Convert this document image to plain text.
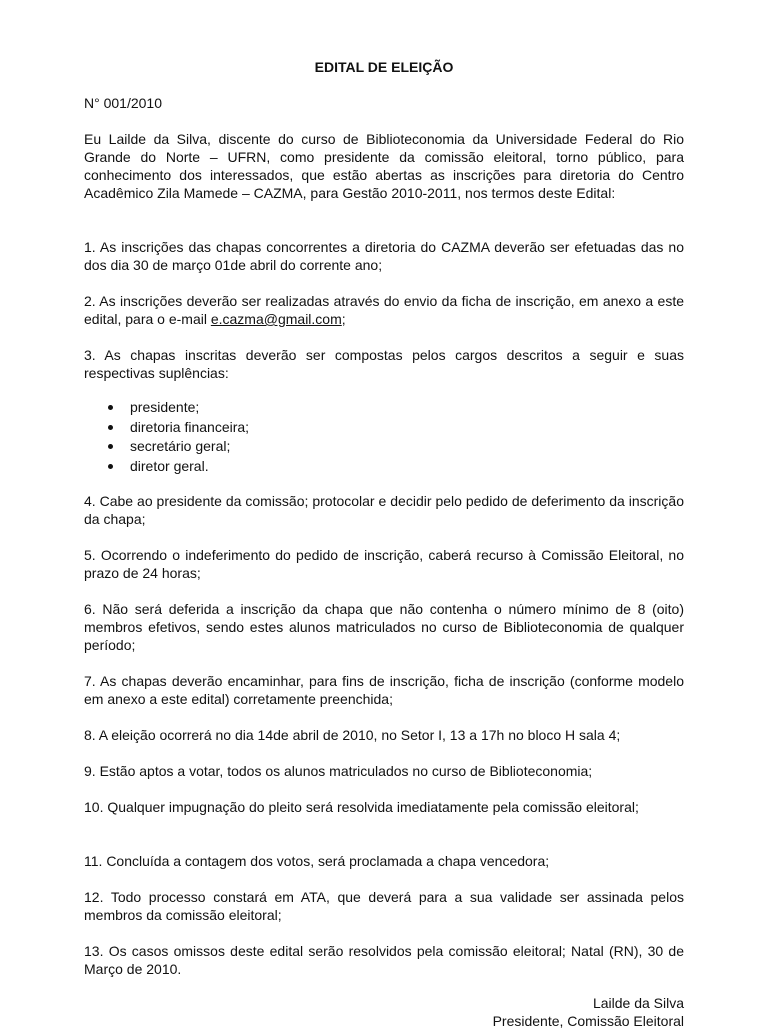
EDITAL DE ELEIÇÃO
N° 001/2010

Eu Lailde da Silva, discente do curso de Biblioteconomia da Universidade Federal do Rio Grande do Norte – UFRN, como presidente da comissão eleitoral, torno público, para conhecimento dos interessados, que estão abertas as inscrições para diretoria do Centro Acadêmico Zila Mamede – CAZMA, para Gestão 2010-2011, nos termos deste Edital:

1. As inscrições das chapas concorrentes a diretoria do CAZMA deverão ser efetuadas das no dos dia 30 de março 01de abril do corrente ano;

2. As inscrições deverão ser realizadas através do envio da ficha de inscrição, em anexo a este edital, para o e-mail e.cazma@gmail.com;

3. As chapas inscritas deverão ser compostas pelos cargos descritos a seguir e suas respectivas suplências:

presidente;
diretoria financeira;
secretário geral;
diretor geral.

4. Cabe ao presidente da comissão; protocolar e decidir pelo pedido de deferimento da inscrição da chapa;

5. Ocorrendo o indeferimento do pedido de inscrição, caberá recurso à Comissão Eleitoral, no prazo de 24 horas;

6. Não será deferida a inscrição da chapa que não contenha o número mínimo de 8 (oito) membros efetivos, sendo estes alunos matriculados no curso de Biblioteconomia de qualquer período;

7. As chapas deverão encaminhar, para fins de inscrição, ficha de inscrição (conforme modelo em anexo a este edital) corretamente preenchida;

8. A eleição ocorrerá no dia 14de abril de 2010, no Setor I, 13 a 17h no bloco H sala 4;

9. Estão aptos a votar, todos os alunos matriculados no curso de Biblioteconomia;

10. Qualquer impugnação do pleito será resolvida imediatamente pela comissão eleitoral;

11. Concluída a contagem dos votos, será proclamada a chapa vencedora;

12. Todo processo constará em ATA, que deverá para a sua validade ser assinada pelos membros da comissão eleitoral;

13. Os casos omissos deste edital serão resolvidos pela comissão eleitoral; Natal (RN), 30 de Março de 2010.

Lailde da Silva
Presidente, Comissão Eleitoral
